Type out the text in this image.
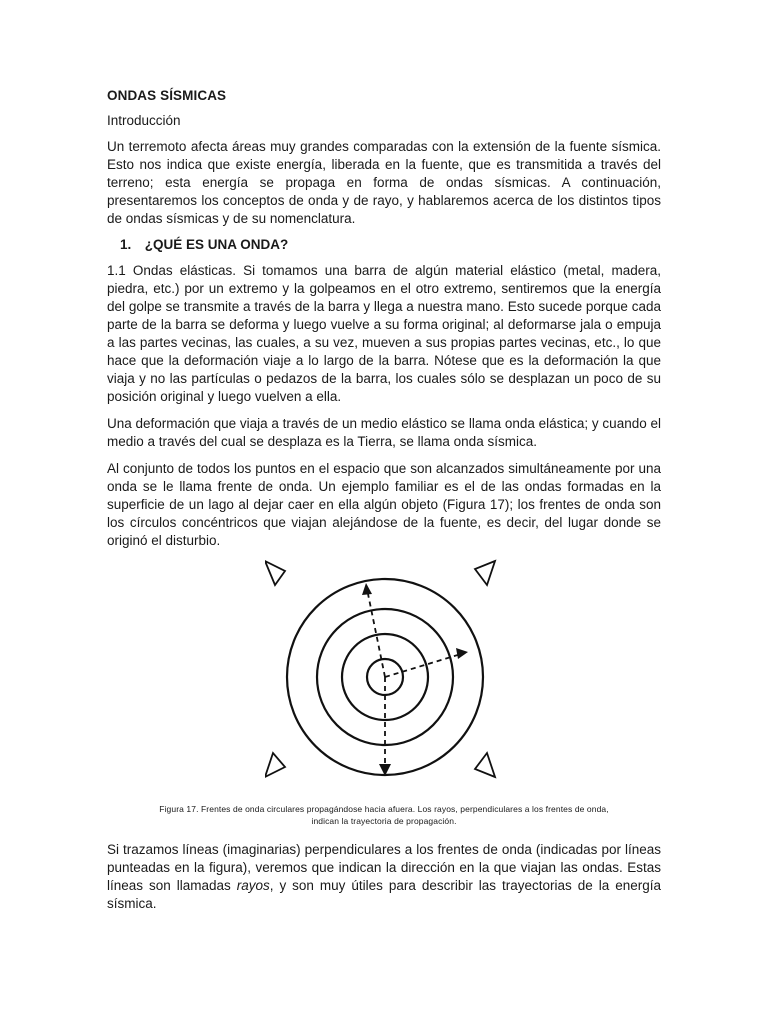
ONDAS SÍSMICAS
Introducción

Un terremoto afecta áreas muy grandes comparadas con la extensión de la fuente sísmica. Esto nos indica que existe energía, liberada en la fuente, que es transmitida a través del terreno; esta energía se propaga en forma de ondas sísmicas. A continuación, presentaremos los conceptos de onda y de rayo, y hablaremos acerca de los distintos tipos de ondas sísmicas y de su nomenclatura.

1. ¿QUÉ ES UNA ONDA?

1.1 Ondas elásticas. Si tomamos una barra de algún material elástico (metal, madera, piedra, etc.) por un extremo y la golpeamos en el otro extremo, sentiremos que la energía del golpe se transmite a través de la barra y llega a nuestra mano. Esto sucede porque cada parte de la barra se deforma y luego vuelve a su forma original; al deformarse jala o empuja a las partes vecinas, las cuales, a su vez, mueven a sus propias partes vecinas, etc., lo que hace que la deformación viaje a lo largo de la barra. Nótese que es la deformación la que viaja y no las partículas o pedazos de la barra, los cuales sólo se desplazan un poco de su posición original y luego vuelven a ella.

Una deformación que viaja a través de un medio elástico se llama onda elástica; y cuando el medio a través del cual se desplaza es la Tierra, se llama onda sísmica.

Al conjunto de todos los puntos en el espacio que son alcanzados simultáneamente por una onda se le llama frente de onda. Un ejemplo familiar es el de las ondas formadas en la superficie de un lago al dejar caer en ella algún objeto (Figura 17); los frentes de onda son los círculos concéntricos que viajan alejándose de la fuente, es decir, del lugar donde se originó el disturbio.

Figura 17. Frentes de onda circulares propagándose hacia afuera. Los rayos, perpendiculares a los frentes de onda,
indican la trayectoria de propagación.

Si trazamos líneas (imaginarias) perpendiculares a los frentes de onda (indicadas por líneas punteadas en la figura), veremos que indican la dirección en la que viajan las ondas. Estas líneas son llamadas rayos, y son muy útiles para describir las trayectorias de la energía sísmica.
